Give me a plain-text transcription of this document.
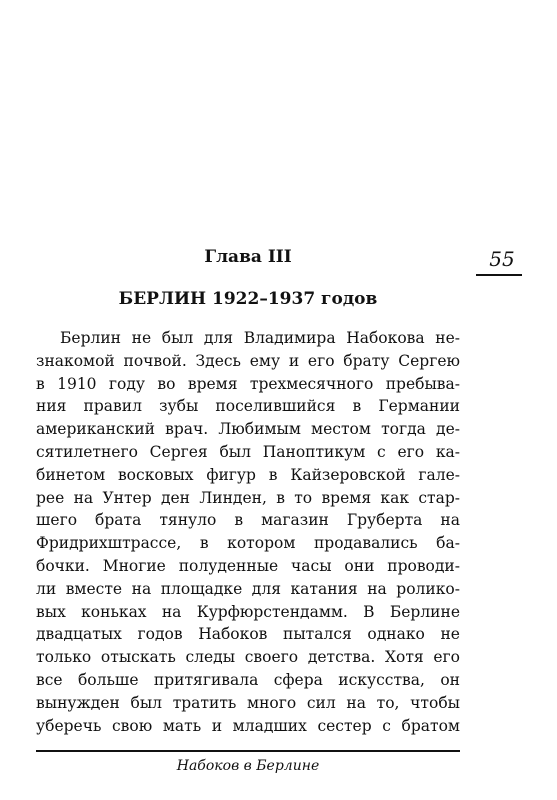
Глава III	55
БЕРЛИН 1922–1937 годов
Берлин не был для Владимира Набокова не-
знакомой почвой. Здесь ему и его брату Сергею
в 1910 году во время трехмесячного пребыва-
ния правил зубы поселившийся в Германии
американский врач. Любимым местом тогда де-
сятилетнего Сергея был Паноптикум с его ка-
бинетом восковых фигур в Кайзеровской гале-
рее на Унтер ден Линден, в то время как стар-
шего брата тянуло в магазин Груберта на
Фридрихштрассе, в котором продавались ба-
бочки. Многие полуденные часы они проводи-
ли вместе на площадке для катания на ролико-
вых коньках на Курфюрстендамм. В Берлине
двадцатых годов Набоков пытался однако не
только отыскать следы своего детства. Хотя его
все больше притягивала сфера искусства, он
вынужден был тратить много сил на то, чтобы
уберечь свою мать и младших сестер с братом
Набоков в Берлине
